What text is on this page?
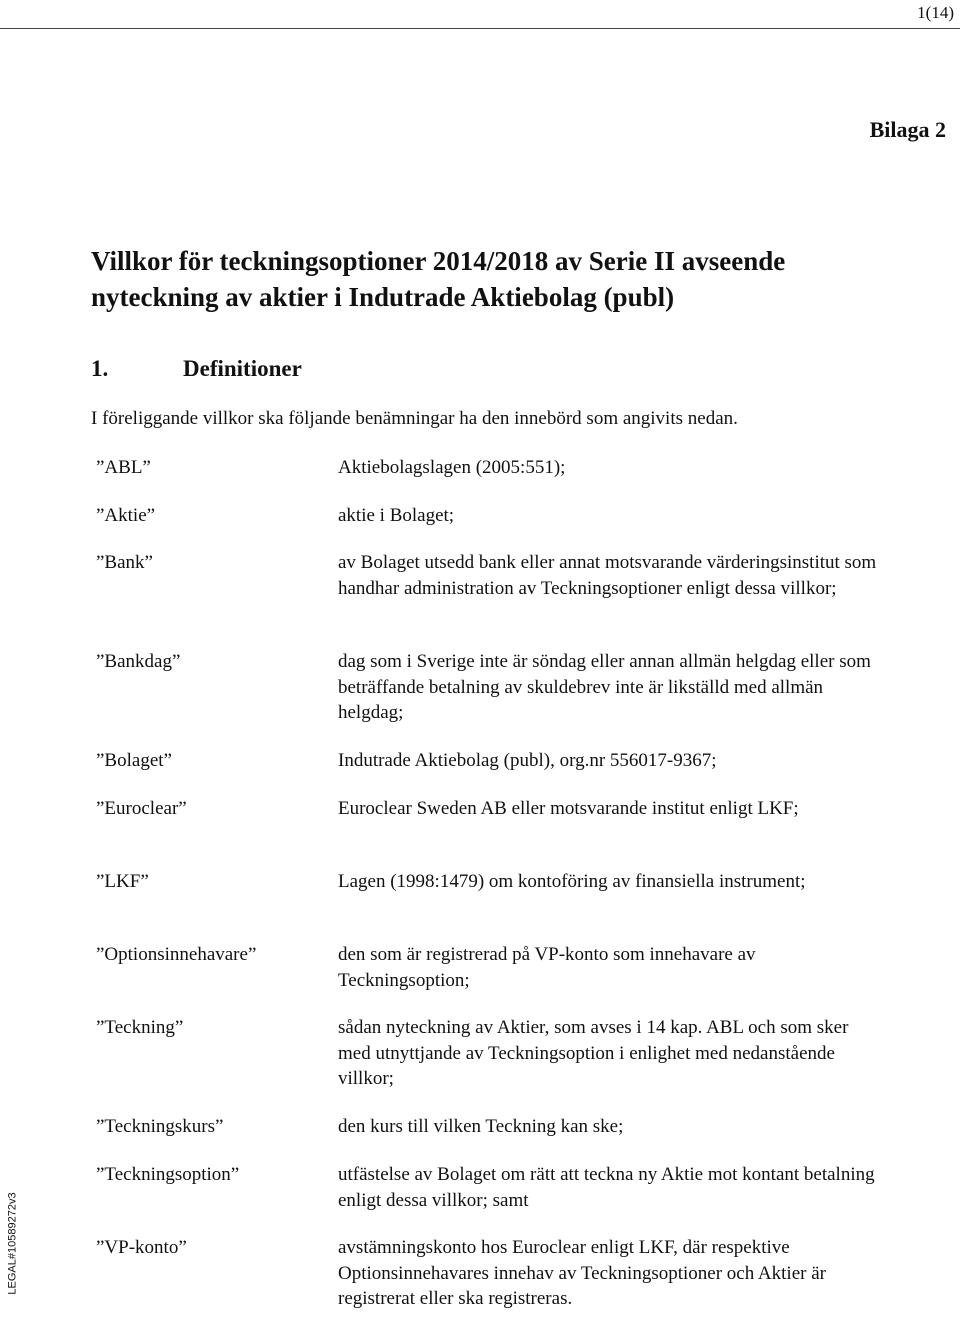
1(14)
Bilaga 2
Villkor för teckningsoptioner 2014/2018 av Serie II avseende nyteckning av aktier i Indutrade Aktiebolag (publ)
1.	Definitioner

I föreliggande villkor ska följande benämningar ha den innebörd som angivits nedan.

”ABL”	Aktiebolagslagen (2005:551);
”Aktie”	aktie i Bolaget;
”Bank”	av Bolaget utsedd bank eller annat motsvarande värderingsinstitut som handhar administration av Teckningsoptioner enligt dessa villkor;
”Bankdag”	dag som i Sverige inte är söndag eller annan allmän helgdag eller som beträffande betalning av skuldebrev inte är likställd med allmän helgdag;
”Bolaget”	Indutrade Aktiebolag (publ), org.nr 556017-9367;
”Euroclear”	Euroclear Sweden AB eller motsvarande institut enligt LKF;
”LKF”	Lagen (1998:1479) om kontoföring av finansiella instrument;
”Optionsinnehavare”	den som är registrerad på VP-konto som innehavare av Teckningsoption;
”Teckning”	sådan nyteckning av Aktier, som avses i 14 kap. ABL och som sker med utnyttjande av Teckningsoption i enlighet med nedanstående villkor;
”Teckningskurs”	den kurs till vilken Teckning kan ske;
”Teckningsoption”	utfästelse av Bolaget om rätt att teckna ny Aktie mot kontant betalning enligt dessa villkor; samt
”VP-konto”	avstämningskonto hos Euroclear enligt LKF, där respektive Optionsinnehavares innehav av Teckningsoptioner och Aktier är registrerat eller ska registreras.
LEGAL#10589272v3
